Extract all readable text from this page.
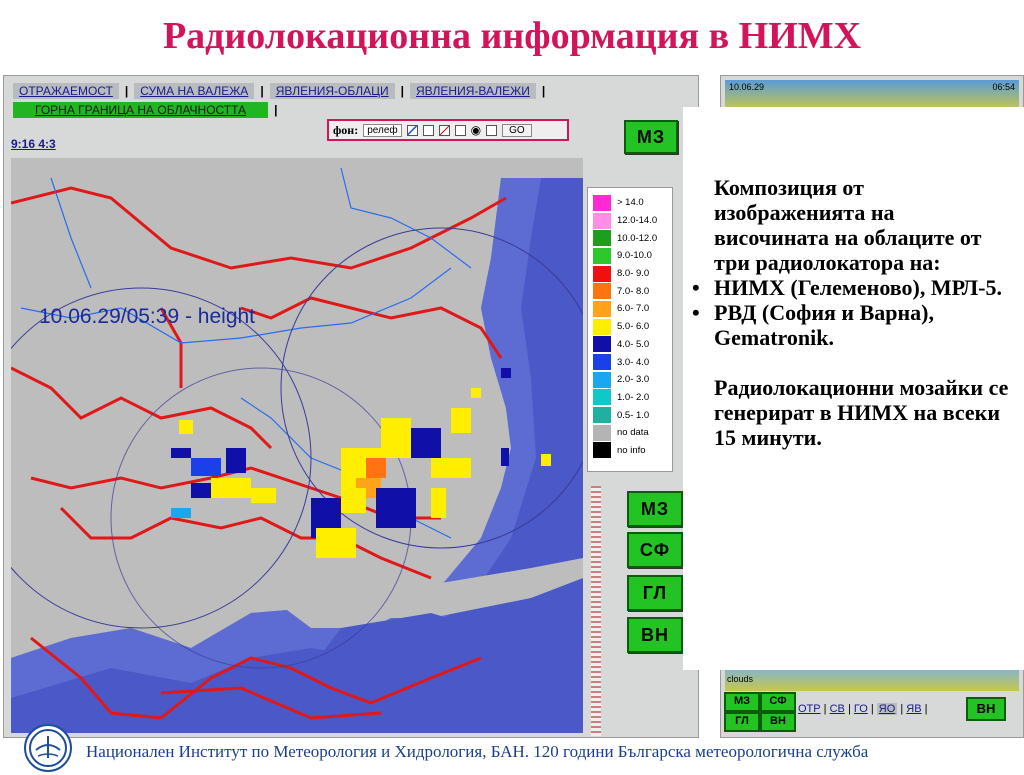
Радиолокационна информация в НИМХ
ОТРАЖАЕМОСТ | СУМА НА ВАЛЕЖА | ЯВЛЕНИЯ-ОБЛАЦИ | ЯВЛЕНИЯ-ВАЛЕЖИ |
ГОРНА ГРАНИЦА НА ОБЛАЧНОСТТА |
фон: релеф	◉	GO
9:16 4:3	МЗ
10.06.29/05:39 - height
> 14.0
12.0-14.0
10.0-12.0
9.0-10.0
8.0- 9.0
7.0- 8.0
6.0- 7.0
5.0- 6.0
4.0- 5.0
3.0- 4.0
2.0- 3.0
1.0- 2.0
0.5- 1.0
no data
no info
МЗ
СФ
ГЛ
ВН
10.06.29	06:54
clouds
Композиция от изображенията на височината на облаците от три радиолокатора на:
• НИМХ (Гелеменово), МРЛ-5.
• РВД (София и Варна), Gematronik.
Радиолокационни мозайки се генерират в НИМХ на всеки 15 минути.
МЗ	СФ
ГЛ	ВН
ОТР | СВ | ГО | ЯО | ЯВ |	ВН
Национален Институт по Метеорология и Хидрология, БАН. 120 години Българска метеорологична служба
